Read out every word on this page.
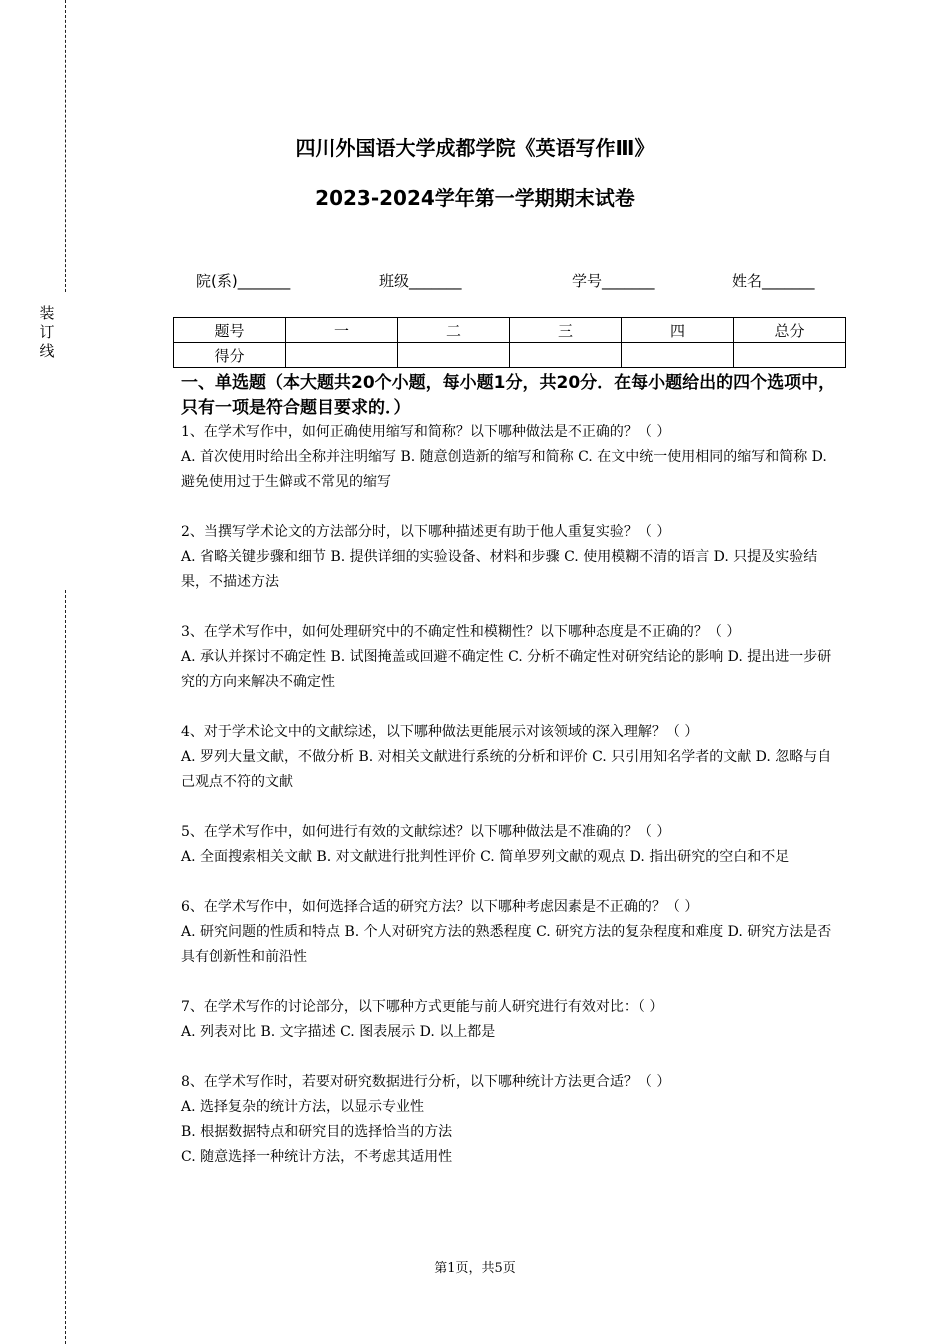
装
订
线
四川外国语大学成都学院《英语写作Ⅲ》
2023-2024学年第一学期期末试卷
院(系)_______	班级_______	学号_______	姓名_______
题号	一	二	三	四	总分
得分					
一、单选题（本大题共20个小题，每小题1分，共20分．在每小题给出的四个选项中，只有一项是符合题目要求的．）

1、在学术写作中，如何正确使用缩写和简称？以下哪种做法是不正确的？（ ）

A. 首次使用时给出全称并注明缩写 B. 随意创造新的缩写和简称 C. 在文中统一使用相同的缩写和简称 D. 避免使用过于生僻或不常见的缩写

2、当撰写学术论文的方法部分时，以下哪种描述更有助于他人重复实验？（ ）

A. 省略关键步骤和细节 B. 提供详细的实验设备、材料和步骤 C. 使用模糊不清的语言 D. 只提及实验结果，不描述方法

3、在学术写作中，如何处理研究中的不确定性和模糊性？以下哪种态度是不正确的？（ ）

A. 承认并探讨不确定性 B. 试图掩盖或回避不确定性 C. 分析不确定性对研究结论的影响 D. 提出进一步研究的方向来解决不确定性

4、对于学术论文中的文献综述，以下哪种做法更能展示对该领域的深入理解？（ ）

A. 罗列大量文献，不做分析 B. 对相关文献进行系统的分析和评价 C. 只引用知名学者的文献 D. 忽略与自己观点不符的文献

5、在学术写作中，如何进行有效的文献综述？以下哪种做法是不准确的？（ ）

A. 全面搜索相关文献 B. 对文献进行批判性评价 C. 简单罗列文献的观点 D. 指出研究的空白和不足

6、在学术写作中，如何选择合适的研究方法？以下哪种考虑因素是不正确的？（ ）

A. 研究问题的性质和特点 B. 个人对研究方法的熟悉程度 C. 研究方法的复杂程度和难度 D. 研究方法是否具有创新性和前沿性

7、在学术写作的讨论部分，以下哪种方式更能与前人研究进行有效对比：（ ）

A. 列表对比 B. 文字描述 C. 图表展示 D. 以上都是

8、在学术写作时，若要对研究数据进行分析，以下哪种统计方法更合适？（ ）

A. 选择复杂的统计方法，以显示专业性

B. 根据数据特点和研究目的选择恰当的方法

C. 随意选择一种统计方法，不考虑其适用性

第1页，共5页
